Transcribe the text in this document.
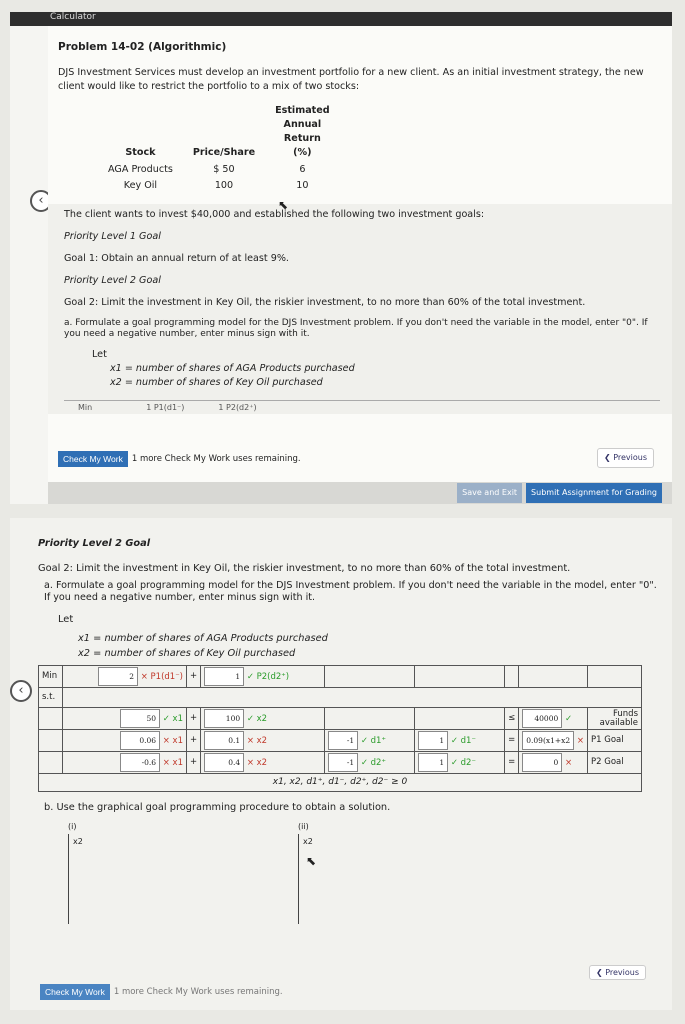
Calculator
‹
Problem 14-02 (Algorithmic)
DJS Investment Services must develop an investment portfolio for a new client. As an initial investment strategy, the new client would like to restrict the portfolio to a mix of two stocks:
Stock	Price/Share	Estimated Annual Return (%)
AGA Products	$ 50	6
Key Oil	100	10
The client wants to invest $40,000 and established the following two investment goals:
Priority Level 1 Goal
Goal 1: Obtain an annual return of at least 9%.
Priority Level 2 Goal
Goal 2: Limit the investment in Key Oil, the riskier investment, to no more than 60% of the total investment.
a. Formulate a goal programming model for the DJS Investment problem. If you don't need the variable in the model, enter "0". If you need a negative number, enter minus sign with it.
Let
x1 = number of shares of AGA Products purchased
x2 = number of shares of Key Oil purchased
Min	1 P1(d1⁻)	1 P2(d2⁺)
Check My Work	1 more Check My Work uses remaining.	❮ Previous
Save and Exit	Submit Assignment for Grading
⬉
‹
Priority Level 2 Goal
Goal 2: Limit the investment in Key Oil, the riskier investment, to no more than 60% of the total investment.
a. Formulate a goal programming model for the DJS Investment problem. If you don't need the variable in the model, enter "0". If you need a negative number, enter minus sign with it.
Let
x1 = number of shares of AGA Products purchased
x2 = number of shares of Key Oil purchased
Min	2 × P1(d1⁻)	+	1 ✓ P2(d2⁺)					
s.t.								
	50 ✓ x1	+	100 ✓ x2			≤	40000 ✓	Funds available
	0.06 × x1	+	0.1 × x2	-1 ✓ d1⁺	1 ✓ d1⁻	=	0.09(x1+x2 ×	P1 Goal
	-0.6 × x1	+	0.4 × x2	-1 ✓ d2⁺	1 ✓ d2⁻	=	0 ×	P2 Goal
x1, x2, d1⁺, d1⁻, d2⁺, d2⁻ ≥ 0								
b. Use the graphical goal programming procedure to obtain a solution.
(i)
x2
(ii)
x2
❮ Previous
Check My Work	1 more Check My Work uses remaining.
⬉
